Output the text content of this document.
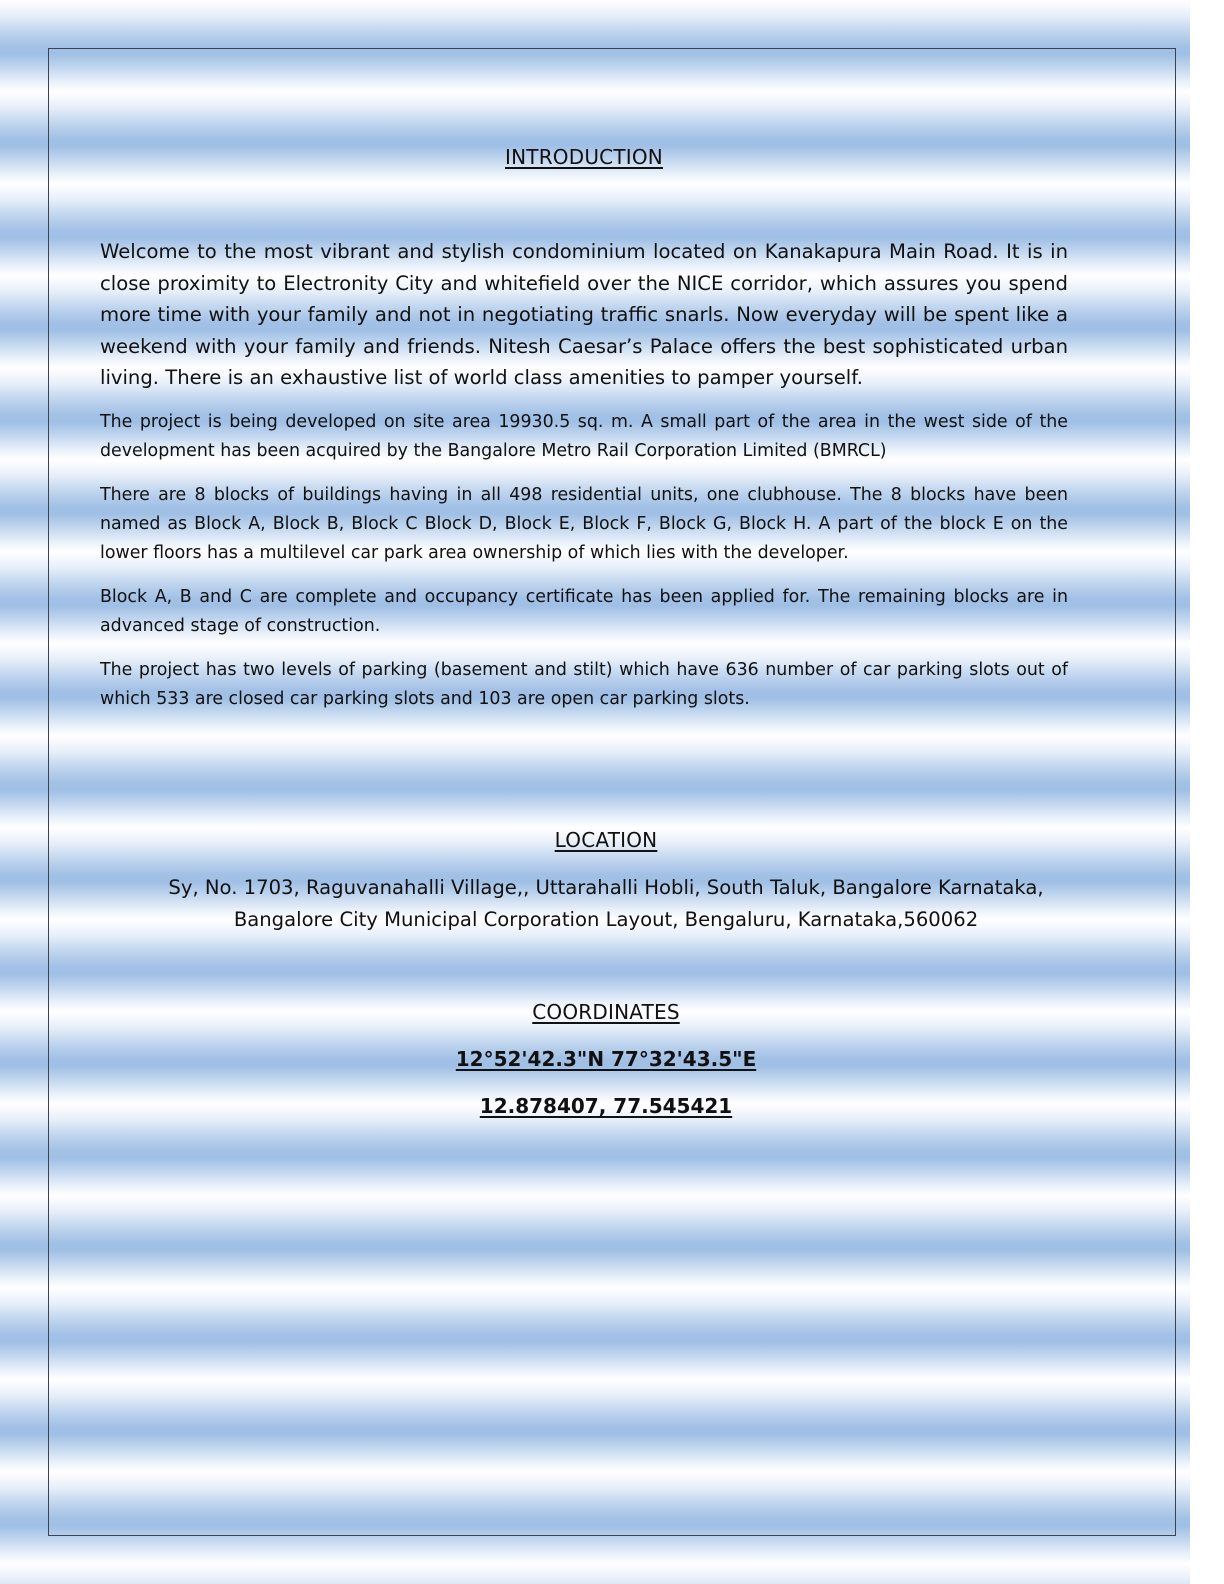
INTRODUCTION

Welcome to the most vibrant and stylish condominium located on Kanakapura Main Road. It is in close proximity to Electronity City and whitefield over the NICE corridor, which assures you spend more time with your family and not in negotiating traffic snarls. Now everyday will be spent like a weekend with your family and friends. Nitesh Caesar’s Palace offers the best sophisticated urban living. There is an exhaustive list of world class amenities to pamper yourself.

The project is being developed on site area 19930.5 sq. m. A small part of the area in the west side of the development has been acquired by the Bangalore Metro Rail Corporation Limited (BMRCL)

There are 8 blocks of buildings having in all 498 residential units, one clubhouse. The 8 blocks have been named as Block A, Block B, Block C Block D, Block E, Block F, Block G, Block H. A part of the block E on the lower floors has a multilevel car park area ownership of which lies with the developer.

Block A, B and C are complete and occupancy certificate has been applied for. The remaining blocks are in advanced stage of construction.

The project has two levels of parking (basement and stilt) which have 636 number of car parking slots out of which 533 are closed car parking slots and 103 are open car parking slots.

LOCATION
Sy, No. 1703, Raguvanahalli Village,, Uttarahalli Hobli, South Taluk, Bangalore Karnataka,
Bangalore City Municipal Corporation Layout, Bengaluru, Karnataka,560062
COORDINATES
12°52'42.3"N 77°32'43.5"E
12.878407, 77.545421
